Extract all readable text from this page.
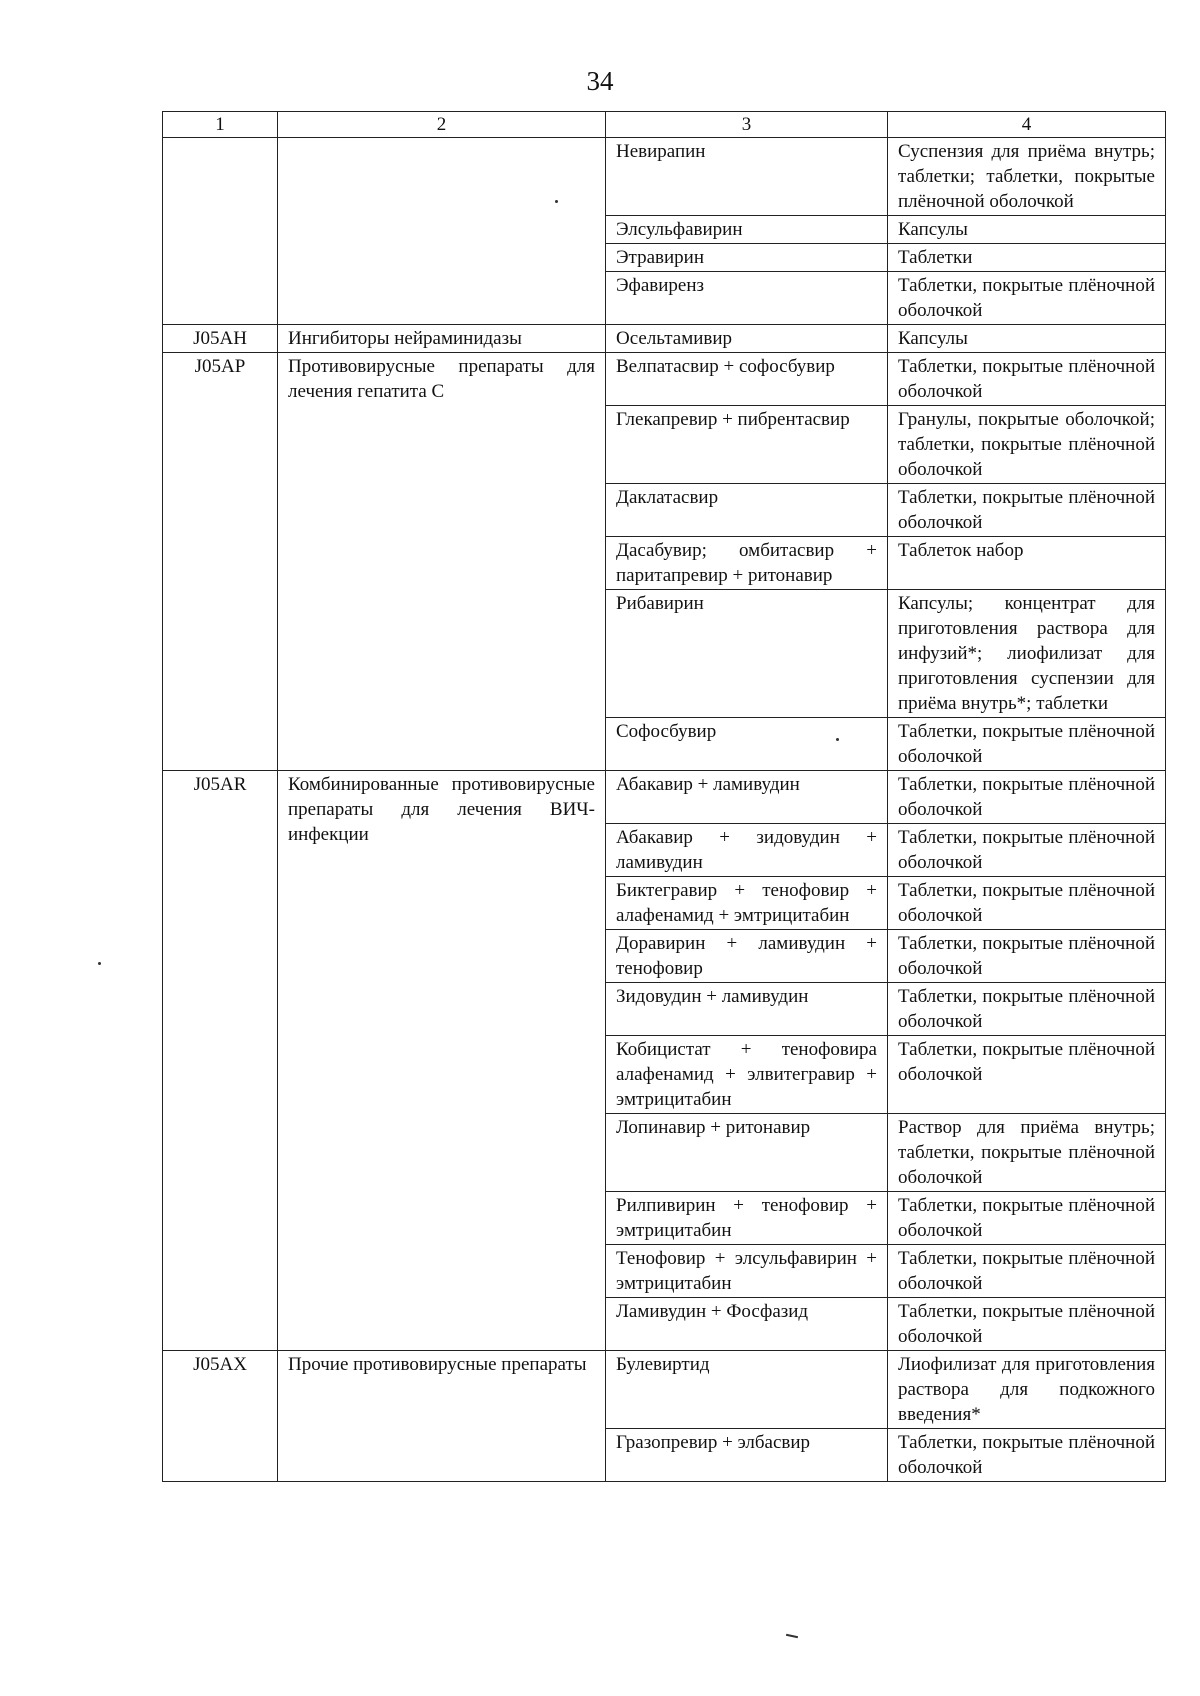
34
1	2	3	4
		Невирапин	Суспензия для приёма внутрь; таблетки; таблетки, покрытые плёночной оболочкой
		Элсульфавирин	Капсулы
		Этравирин	Таблетки
		Эфавиренз	Таблетки, покрытые плёночной оболочкой
J05AH	Ингибиторы нейраминидазы	Осельтамивир	Капсулы
J05AP	Противовирусные препараты для лечения гепатита С	Велпатасвир + софосбувир	Таблетки, покрытые плёночной оболочкой
		Глекапревир + пибрентасвир	Гранулы, покрытые оболочкой; таблетки, покрытые плёночной оболочкой
		Даклатасвир	Таблетки, покрытые плёночной оболочкой
		Дасабувир; омбитасвир + паритапревир + ритонавир	Таблеток набор
		Рибавирин	Капсулы; концентрат для приготовления раствора для инфузий*; лиофилизат для приготовления суспензии для приёма внутрь*; таблетки
		Софосбувир	Таблетки, покрытые плёночной оболочкой
J05AR	Комбинированные противовирусные препараты для лечения ВИЧ-инфекции	Абакавир + ламивудин	Таблетки, покрытые плёночной оболочкой
		Абакавир + зидовудин + ламивудин	Таблетки, покрытые плёночной оболочкой
		Биктегравир + тенофовир + алафенамид + эмтрицитабин	Таблетки, покрытые плёночной оболочкой
		Доравирин + ламивудин + тенофовир	Таблетки, покрытые плёночной оболочкой
		Зидовудин + ламивудин	Таблетки, покрытые плёночной оболочкой
		Кобицистат + тенофовира алафенамид + элвитегравир + эмтрицитабин	Таблетки, покрытые плёночной оболочкой
		Лопинавир + ритонавир	Раствор для приёма внутрь; таблетки, покрытые плёночной оболочкой
		Рилпивирин + тенофовир + эмтрицитабин	Таблетки, покрытые плёночной оболочкой
		Тенофовир + элсульфавирин + эмтрицитабин	Таблетки, покрытые плёночной оболочкой
		Ламивудин + Фосфазид	Таблетки, покрытые плёночной оболочкой
J05AX	Прочие противовирусные препараты	Булевиртид	Лиофилизат для приготовления раствора для подкожного введения*
		Гразопревир + элбасвир	Таблетки, покрытые плёночной оболочкой
